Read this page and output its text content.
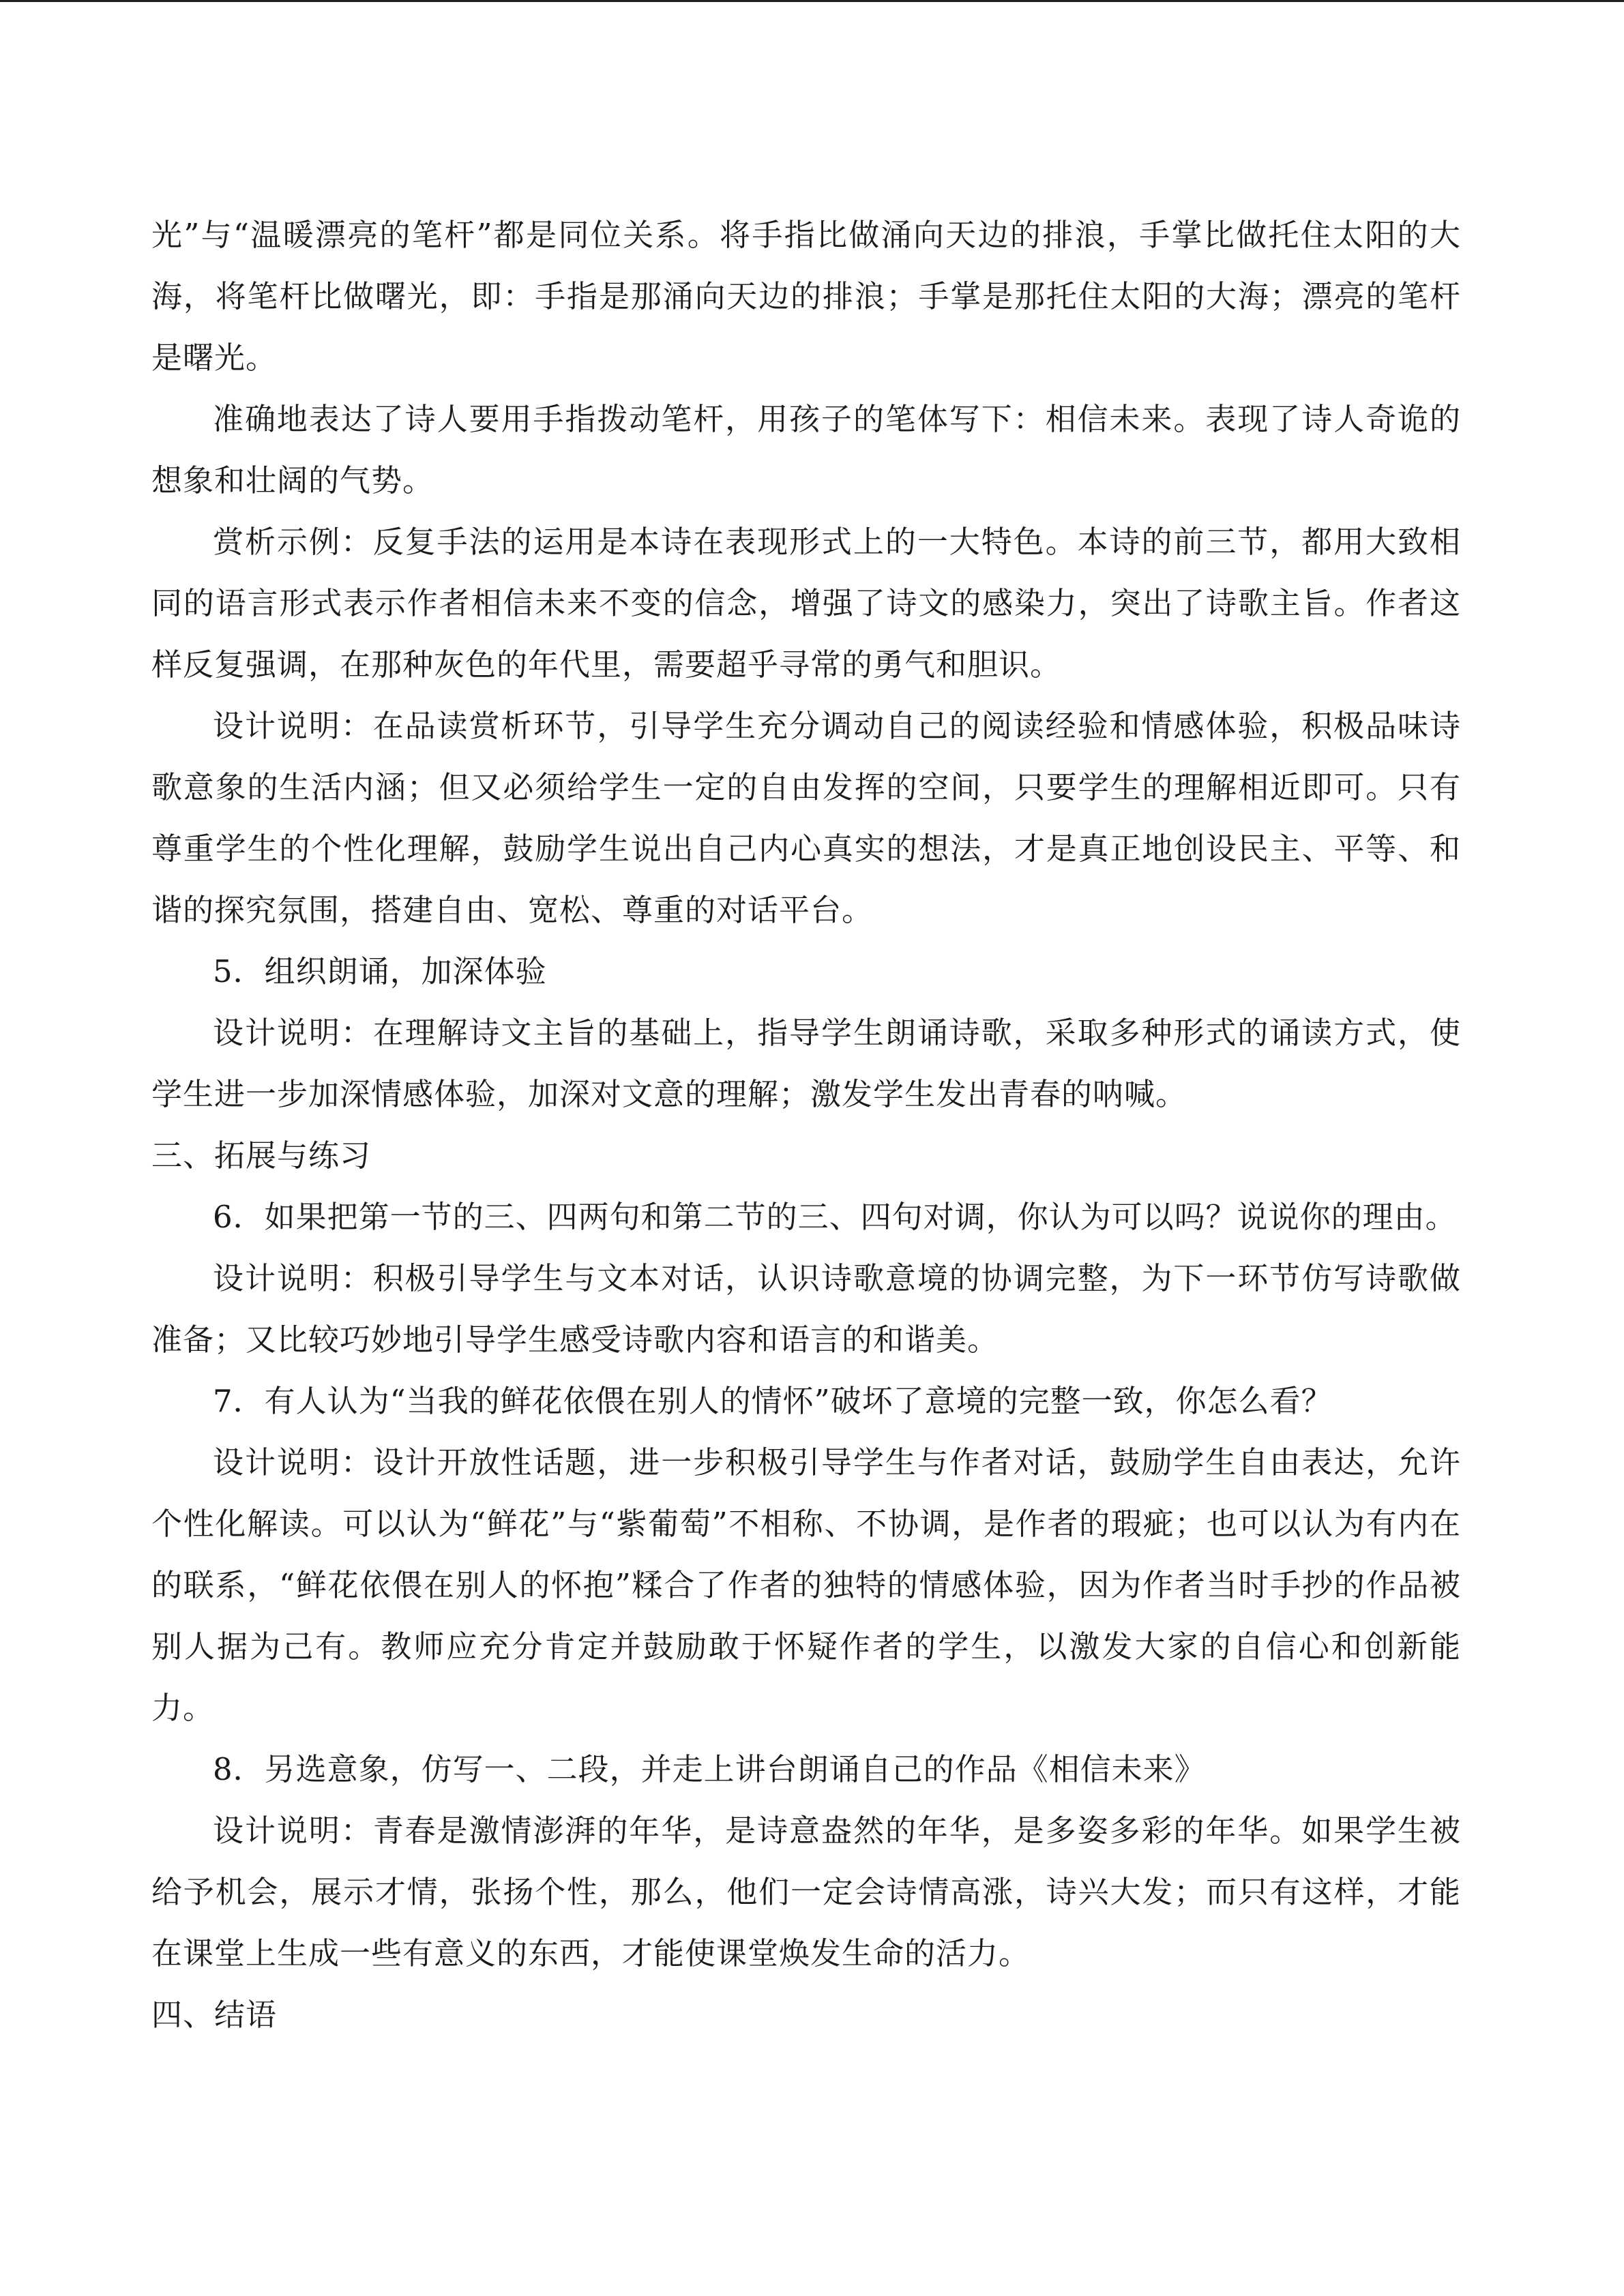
光”与“温暖漂亮的笔杆”都是同位关系。将手指比做涌向天边的排浪，手掌比做托住太阳的大海，将笔杆比做曙光，即：手指是那涌向天边的排浪；手掌是那托住太阳的大海；漂亮的笔杆是曙光。

准确地表达了诗人要用手指拨动笔杆，用孩子的笔体写下：相信未来。表现了诗人奇诡的想象和壮阔的气势。

赏析示例：反复手法的运用是本诗在表现形式上的一大特色。本诗的前三节，都用大致相同的语言形式表示作者相信未来不变的信念，增强了诗文的感染力，突出了诗歌主旨。作者这样反复强调，在那种灰色的年代里，需要超乎寻常的勇气和胆识。

设计说明：在品读赏析环节，引导学生充分调动自己的阅读经验和情感体验，积极品味诗歌意象的生活内涵；但又必须给学生一定的自由发挥的空间，只要学生的理解相近即可。只有尊重学生的个性化理解，鼓励学生说出自己内心真实的想法，才是真正地创设民主、平等、和谐的探究氛围，搭建自由、宽松、尊重的对话平台。

5．组织朗诵，加深体验

设计说明：在理解诗文主旨的基础上，指导学生朗诵诗歌，采取多种形式的诵读方式，使学生进一步加深情感体验，加深对文意的理解；激发学生发出青春的呐喊。

三、拓展与练习

6．如果把第一节的三、四两句和第二节的三、四句对调，你认为可以吗？说说你的理由。

设计说明：积极引导学生与文本对话，认识诗歌意境的协调完整，为下一环节仿写诗歌做准备；又比较巧妙地引导学生感受诗歌内容和语言的和谐美。

7．有人认为“当我的鲜花依偎在别人的情怀”破坏了意境的完整一致，你怎么看？

设计说明：设计开放性话题，进一步积极引导学生与作者对话，鼓励学生自由表达，允许个性化解读。可以认为“鲜花”与“紫葡萄”不相称、不协调，是作者的瑕疵；也可以认为有内在的联系，“鲜花依偎在别人的怀抱”糅合了作者的独特的情感体验，因为作者当时手抄的作品被别人据为己有。教师应充分肯定并鼓励敢于怀疑作者的学生，以激发大家的自信心和创新能力。

8．另选意象，仿写一、二段，并走上讲台朗诵自己的作品《相信未来》

设计说明：青春是激情澎湃的年华，是诗意盎然的年华，是多姿多彩的年华。如果学生被给予机会，展示才情，张扬个性，那么，他们一定会诗情高涨，诗兴大发；而只有这样，才能在课堂上生成一些有意义的东西，才能使课堂焕发生命的活力。

四、结语
